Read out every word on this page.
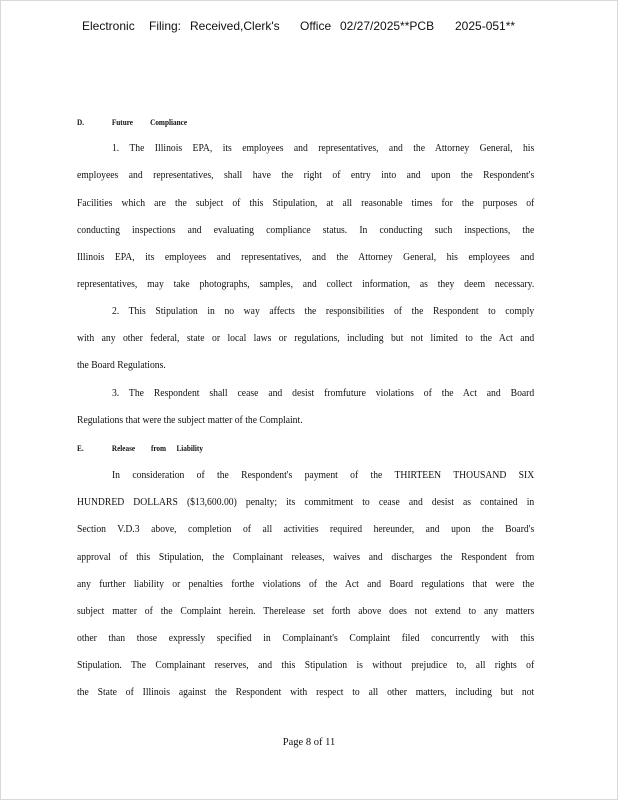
Electronic Filing: Received,Clerk's Office 02/27/2025**PCB 2025-051**
D.	Future Compliance
1. The Illinois EPA, its employees and representatives, and the Attorney General, his
employees and representatives, shall have the right of entry into and upon the Respondent's
Facilities which are the subject of this Stipulation, at all reasonable times for the purposes of
conducting inspections and evaluating compliance status. In conducting such inspections, the
Illinois EPA, its employees and representatives, and the Attorney General, his employees and
representatives, may take photographs, samples, and collect information, as they deem necessary.
2. This Stipulation in no way affects the responsibilities of the Respondent to comply
with any other federal, state or local laws or regulations, including but not limited to the Act and
the Board Regulations.
3. The Respondent shall cease and desist fromfuture violations of the Act and Board
Regulations that were the subject matter of the Complaint.
E.	Release from Liability
In consideration of the Respondent's payment of the THIRTEEN THOUSAND SIX
HUNDRED DOLLARS ($13,600.00) penalty; its commitment to cease and desist as contained in
Section V.D.3 above, completion of all activities required hereunder, and upon the Board's
approval of this Stipulation, the Complainant releases, waives and discharges the Respondent from
any further liability or penalties forthe violations of the Act and Board regulations that were the
subject matter of the Complaint herein. Therelease set forth above does not extend to any matters
other than those expressly specified in Complainant's Complaint filed concurrently with this
Stipulation. The Complainant reserves, and this Stipulation is without prejudice to, all rights of
the State of Illinois against the Respondent with respect to all other matters, including but not
Page 8 of 11
